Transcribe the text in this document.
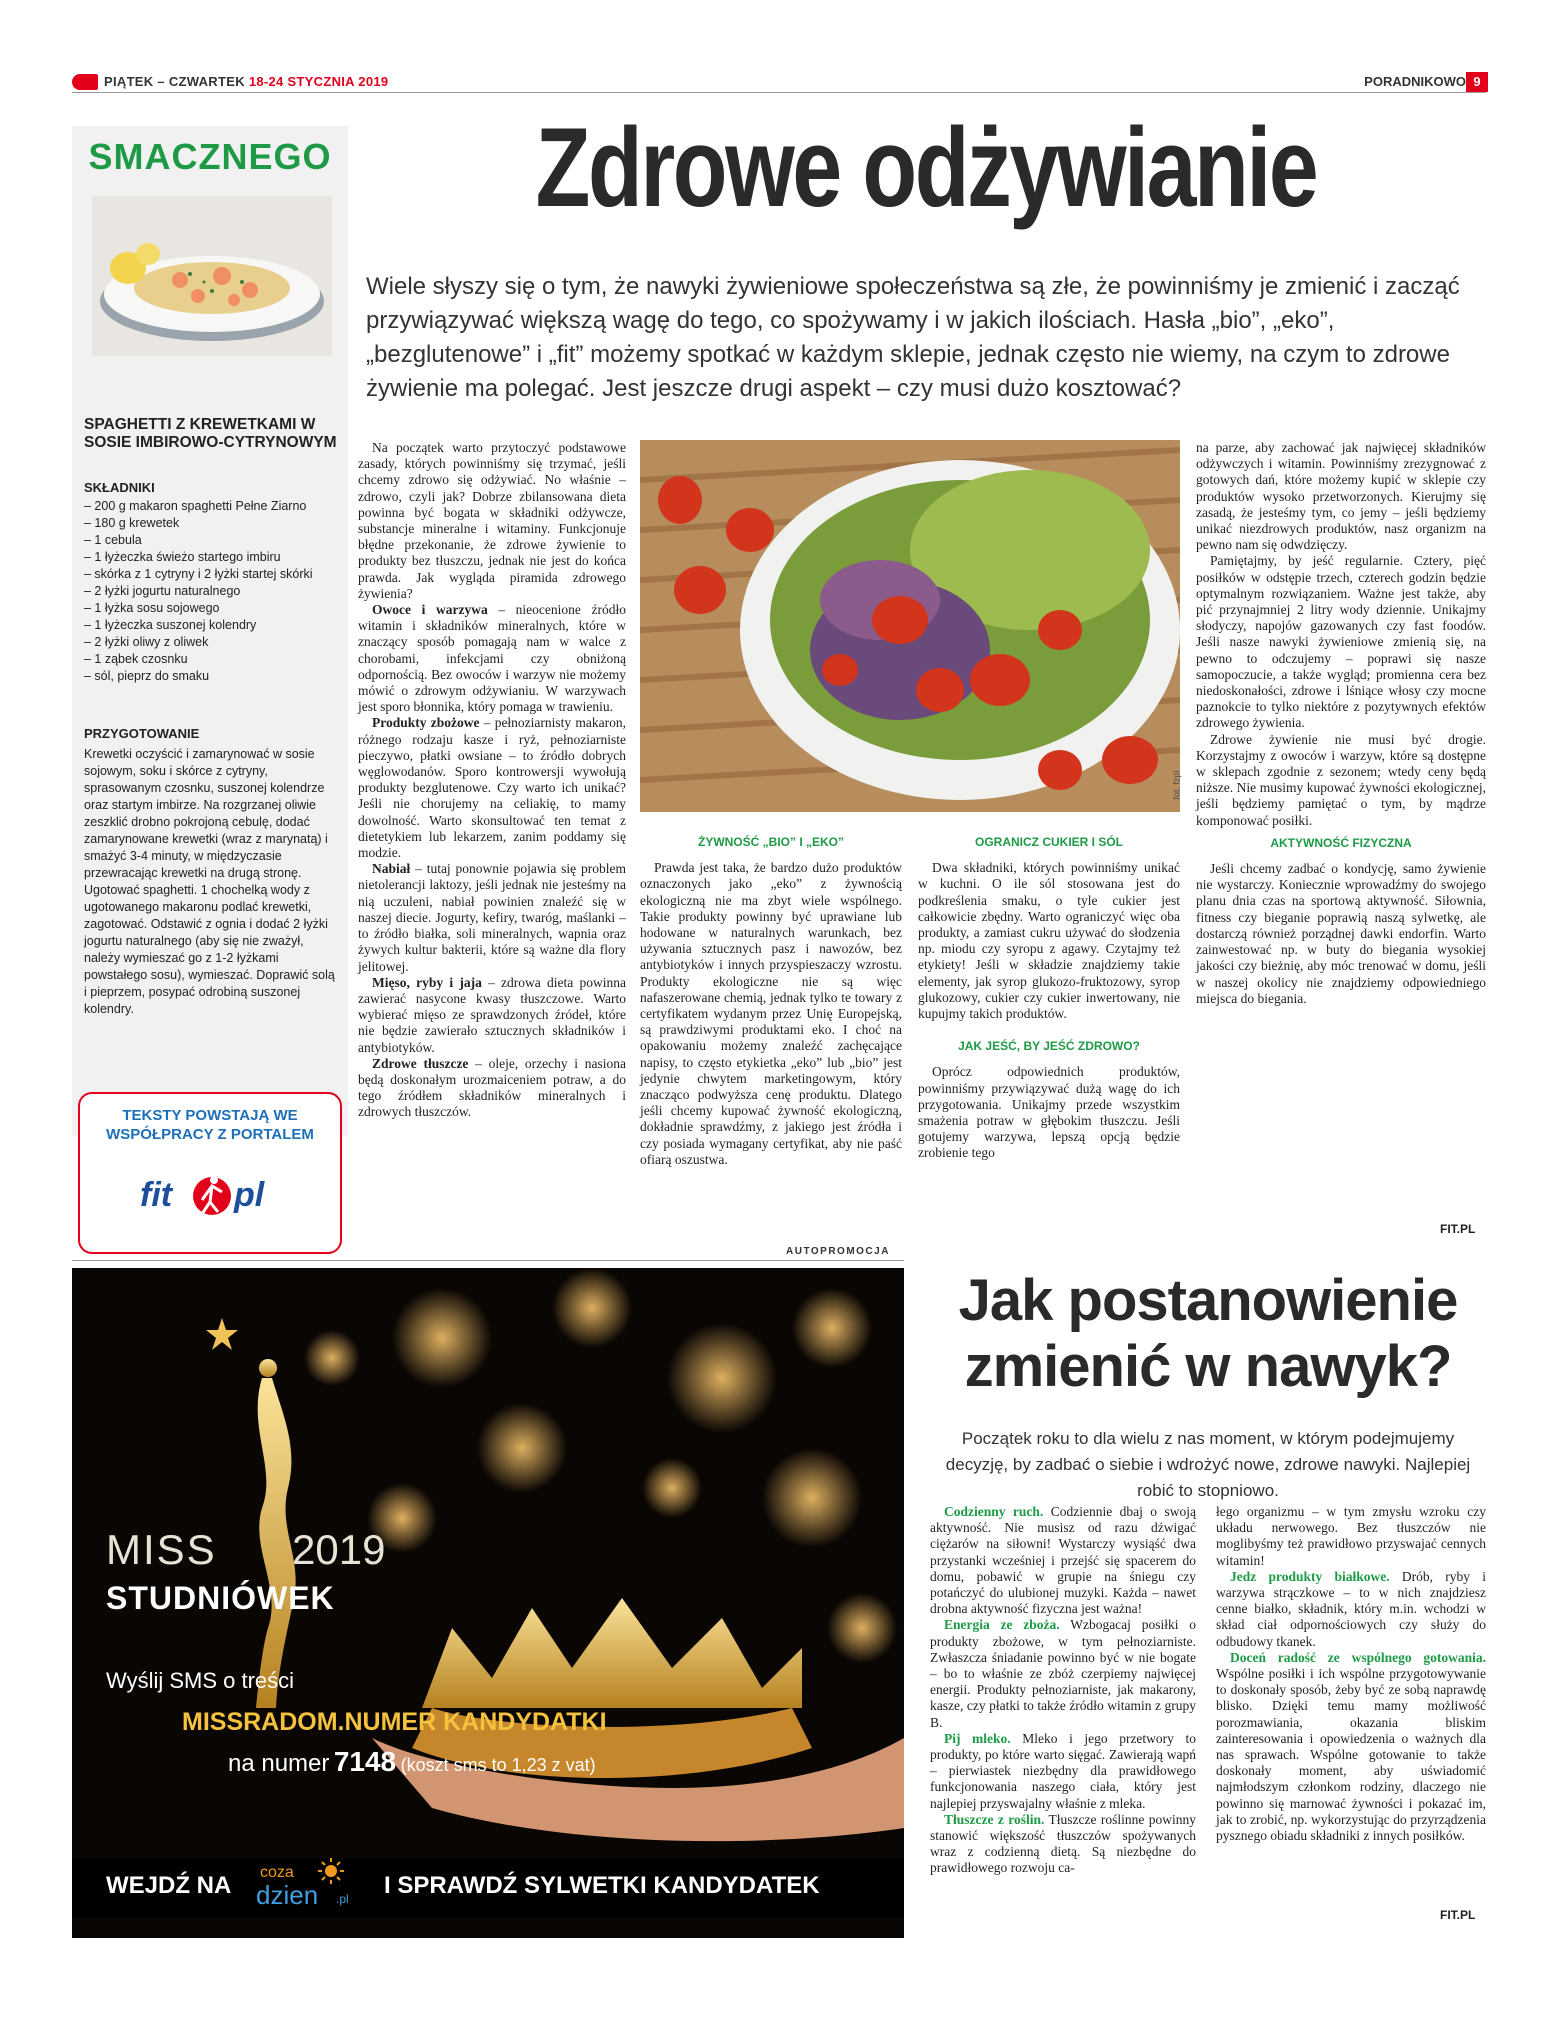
PIĄTEK – CZWARTEK 18-24 STYCZNIA 2019	PORADNIKOWO 9
SMACZNEGO
SPAGHETTI Z KREWETKAMI W SOSIE IMBIROWO-CYTRYNOWYM
SKŁADNIKI
– 200 g makaron spaghetti Pełne Ziarno
– 180 g krewetek
– 1 cebula
– 1 łyżeczka świeżo startego imbiru
– skórka z 1 cytryny i 2 łyżki startej skórki
– 2 łyżki jogurtu naturalnego
– 1 łyżka sosu sojowego
– 1 łyżeczka suszonej kolendry
– 2 łyżki oliwy z oliwek
– 1 ząbek czosnku
– sól, pieprz do smaku
PRZYGOTOWANIE
Krewetki oczyścić i zamarynować w sosie sojowym, soku i skórce z cytryny, sprasowanym czosnku, suszonej kolendrze oraz startym imbirze. Na rozgrzanej oliwie zeszklić drobno pokrojoną cebulę, dodać zamarynowane krewetki (wraz z marynatą) i smażyć 3-4 minuty, w międzyczasie przewracając krewetki na drugą stronę. Ugotować spaghetti. 1 chochelką wody z ugotowanego makaronu podlać krewetki, zagotować. Odstawić z ognia i dodać 2 łyżki jogurtu naturalnego (aby się nie zważył, należy wymieszać go z 1-2 łyżkami powstałego sosu), wymieszać. Doprawić solą i pieprzem, posypać odrobiną suszonej kolendry.
TEKSTY POWSTAJĄ WE WSPÓŁPRACY Z PORTALEM
fit pl
Zdrowe odżywianie
Wiele słyszy się o tym, że nawyki żywieniowe społeczeństwa są złe, że powinniśmy je zmienić i zacząć przywiązywać większą wagę do tego, co spożywamy i w jakich ilościach. Hasła „bio”, „eko”, „bezglutenowe” i „fit” możemy spotkać w każdym sklepie, jednak często nie wiemy, na czym to zdrowe żywienie ma polegać. Jest jeszcze drugi aspekt – czy musi dużo kosztować?

Na początek warto przytoczyć podstawowe zasady, których powinniśmy się trzymać, jeśli chcemy zdrowo się odżywiać. No właśnie – zdrowo, czyli jak? Dobrze zbilansowana dieta powinna być bogata w składniki odżywcze, substancje mineralne i witaminy. Funkcjonuje błędne przekonanie, że zdrowe żywienie to produkty bez tłuszczu, jednak nie jest do końca prawda. Jak wygląda piramida zdrowego żywienia?

Owoce i warzywa – nieocenione źródło witamin i składników mineralnych, które w znaczący sposób pomagają nam w walce z chorobami, infekcjami czy obniżoną odpornością. Bez owoców i warzyw nie możemy mówić o zdrowym odżywianiu. W warzywach jest sporo błonnika, który pomaga w trawieniu.

Produkty zbożowe – pełnoziarnisty makaron, różnego rodzaju kasze i ryż, pełnoziarniste pieczywo, płatki owsiane – to źródło dobrych węglowodanów. Sporo kontrowersji wywołują produkty bezglutenowe. Czy warto ich unikać? Jeśli nie chorujemy na celiakię, to mamy dowolność. Warto skonsultować ten temat z dietetykiem lub lekarzem, zanim poddamy się modzie.

Nabiał – tutaj ponownie pojawia się problem nietolerancji laktozy, jeśli jednak nie jesteśmy na nią uczuleni, nabiał powinien znaleźć się w naszej diecie. Jogurty, kefiry, twaróg, maślanki – to źródło białka, soli mineralnych, wapnia oraz żywych kultur bakterii, które są ważne dla flory jelitowej.

Mięso, ryby i jaja – zdrowa dieta powinna zawierać nasycone kwasy tłuszczowe. Warto wybierać mięso ze sprawdzonych źródeł, które nie będzie zawierało sztucznych składników i antybiotyków.

Zdrowe tłuszcze – oleje, orzechy i nasiona będą doskonałym urozmaiceniem potraw, a do tego źródłem składników mineralnych i zdrowych tłuszczów.

fot. fzpl
ŻYWNOŚĆ „BIO” I „EKO”

Prawda jest taka, że bardzo dużo produktów oznaczonych jako „eko” z żywnością ekologiczną nie ma zbyt wiele wspólnego. Takie produkty powinny być uprawiane lub hodowane w naturalnych warunkach, bez używania sztucznych pasz i nawozów, bez antybiotyków i innych przyspieszaczy wzrostu. Produkty ekologiczne nie są więc nafaszerowane chemią, jednak tylko te towary z certyfikatem wydanym przez Unię Europejską, są prawdziwymi produktami eko. I choć na opakowaniu możemy znaleźć zachęcające napisy, to często etykietka „eko” lub „bio” jest jedynie chwytem marketingowym, który znacząco podwyższa cenę produktu. Dlatego jeśli chcemy kupować żywność ekologiczną, dokładnie sprawdźmy, z jakiego jest źródła i czy posiada wymagany certyfikat, aby nie paść ofiarą oszustwa.

OGRANICZ CUKIER I SÓL

Dwa składniki, których powinniśmy unikać w kuchni. O ile sól stosowana jest do podkreślenia smaku, o tyle cukier jest całkowicie zbędny. Warto ograniczyć więc oba produkty, a zamiast cukru używać do słodzenia np. miodu czy syropu z agawy. Czytajmy też etykiety! Jeśli w składzie znajdziemy takie elementy, jak syrop glukozo-fruktozowy, syrop glukozowy, cukier czy cukier inwertowany, nie kupujmy takich produktów.

JAK JEŚĆ, BY JEŚĆ ZDROWO?

Oprócz odpowiednich produktów, powinniśmy przywiązywać dużą wagę do ich przygotowania. Unikajmy przede wszystkim smażenia potraw w głębokim tłuszczu. Jeśli gotujemy warzywa, lepszą opcją będzie zrobienie tego

na parze, aby zachować jak najwięcej składników odżywczych i witamin. Powinniśmy zrezygnować z gotowych dań, które możemy kupić w sklepie czy produktów wysoko przetworzonych. Kierujmy się zasadą, że jesteśmy tym, co jemy – jeśli będziemy unikać niezdrowych produktów, nasz organizm na pewno nam się odwdzięczy.

Pamiętajmy, by jeść regularnie. Cztery, pięć posiłków w odstępie trzech, czterech godzin będzie optymalnym rozwiązaniem. Ważne jest także, aby pić przynajmniej 2 litry wody dziennie. Unikajmy słodyczy, napojów gazowanych czy fast foodów. Jeśli nasze nawyki żywieniowe zmienią się, na pewno to odczujemy – poprawi się nasze samopoczucie, a także wygląd; promienna cera bez niedoskonałości, zdrowe i lśniące włosy czy mocne paznokcie to tylko niektóre z pozytywnych efektów zdrowego żywienia.

Zdrowe żywienie nie musi być drogie. Korzystajmy z owoców i warzyw, które są dostępne w sklepach zgodnie z sezonem; wtedy ceny będą niższe. Nie musimy kupować żywności ekologicznej, jeśli będziemy pamiętać o tym, by mądrze komponować posiłki.

AKTYWNOŚĆ FIZYCZNA

Jeśli chcemy zadbać o kondycję, samo żywienie nie wystarczy. Koniecznie wprowadźmy do swojego planu dnia czas na sportową aktywność. Siłownia, fitness czy bieganie poprawią naszą sylwetkę, ale dostarczą również porządnej dawki endorfin. Warto zainwestować np. w buty do biegania wysokiej jakości czy bieżnię, aby móc trenować w domu, jeśli w naszej okolicy nie znajdziemy odpowiedniego miejsca do biegania.

FIT.PL
AUTOPROMOCJA
MISS 2019
STUDNIÓWEK
Wyślij SMS o treści
MISSRADOM.NUMER KANDYDATKI
na numer 7148 (koszt sms to 1,23 z vat)
WEJDŹ NA coza
dzien .pl I SPRAWDŹ SYLWETKI KANDYDATEK
Jak postanowienie
zmienić w nawyk?
Początek roku to dla wielu z nas moment, w którym podejmujemy decyzję, by zadbać o siebie i wdrożyć nowe, zdrowe nawyki. Najlepiej robić to stopniowo.

Codzienny ruch. Codziennie dbaj o swoją aktywność. Nie musisz od razu dźwigać ciężarów na siłowni! Wystarczy wysiąść dwa przystanki wcześniej i przejść się spacerem do domu, pobawić w grupie na śniegu czy potańczyć do ulubionej muzyki. Każda – nawet drobna aktywność fizyczna jest ważna!

Energia ze zboża. Wzbogacaj posiłki o produkty zbożowe, w tym pełnoziarniste. Zwłaszcza śniadanie powinno być w nie bogate – bo to właśnie ze zbóż czerpiemy najwięcej energii. Produkty pełnoziarniste, jak makarony, kasze, czy płatki to także źródło witamin z grupy B.

Pij mleko. Mleko i jego przetwory to produkty, po które warto sięgać. Zawierają wapń – pierwiastek niezbędny dla prawidłowego funkcjonowania naszego ciała, który jest najlepiej przyswajalny właśnie z mleka.

Tłuszcze z roślin. Tłuszcze roślinne powinny stanowić większość tłuszczów spożywanych wraz z codzienną dietą. Są niezbędne do prawidłowego rozwoju ca-

łego organizmu – w tym zmysłu wzroku czy układu nerwowego. Bez tłuszczów nie moglibyśmy też prawidłowo przyswajać cennych witamin!

Jedz produkty białkowe. Drób, ryby i warzywa strączkowe – to w nich znajdziesz cenne białko, składnik, który m.in. wchodzi w skład ciał odpornościowych czy służy do odbudowy tkanek.

Doceń radość ze wspólnego gotowania. Wspólne posiłki i ich wspólne przygotowywanie to doskonały sposób, żeby być ze sobą naprawdę blisko. Dzięki temu mamy możliwość porozmawiania, okazania bliskim zainteresowania i opowiedzenia o ważnych dla nas sprawach. Wspólne gotowanie to także doskonały moment, aby uświadomić najmłodszym członkom rodziny, dlaczego nie powinno się marnować żywności i pokazać im, jak to zrobić, np. wykorzystując do przyrządzenia pysznego obiadu składniki z innych posiłków.

FIT.PL
